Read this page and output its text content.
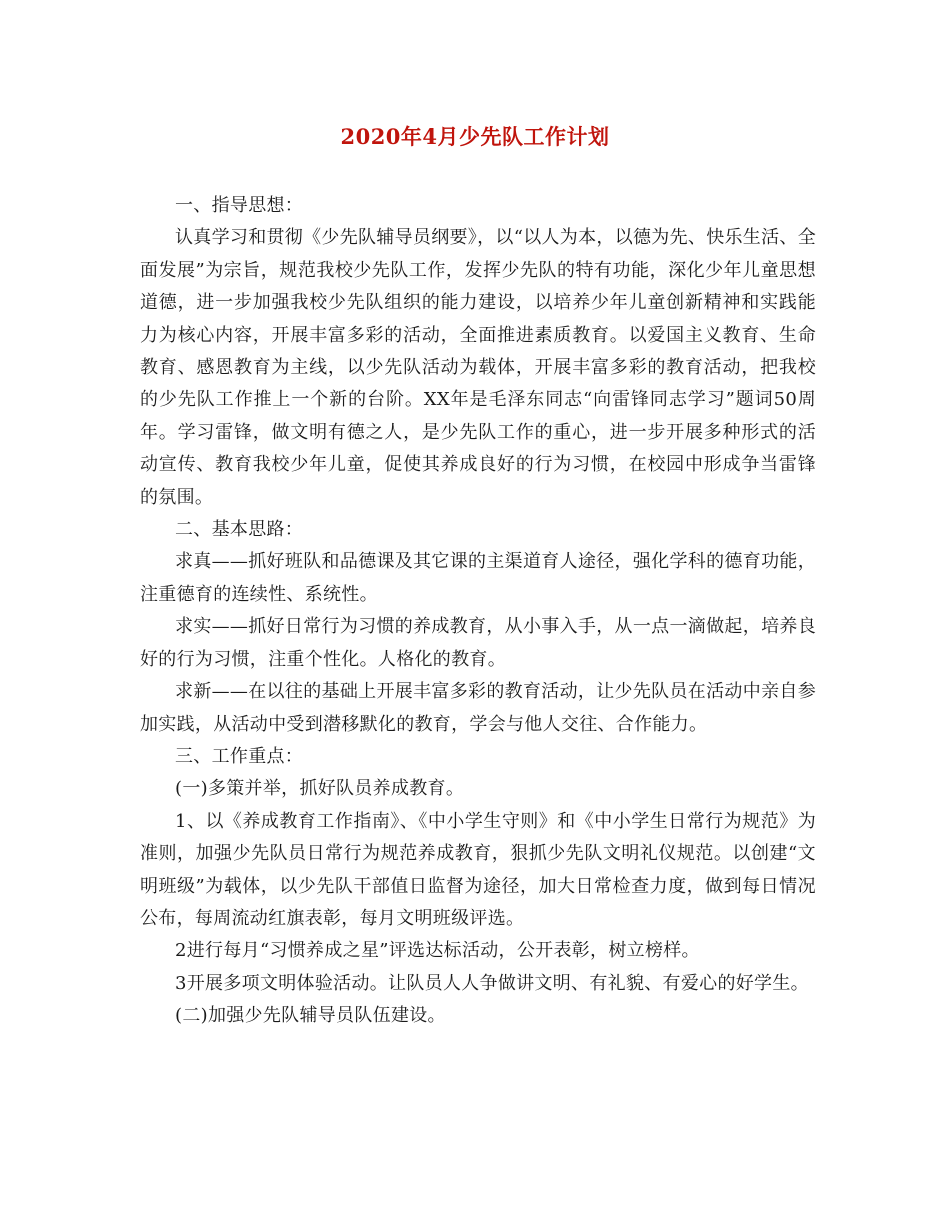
2020年4月少先队工作计划

一、指导思想：

认真学习和贯彻《少先队辅导员纲要》，以“以人为本，以德为先、快乐生活、全面发展”为宗旨，规范我校少先队工作，发挥少先队的特有功能，深化少年儿童思想道德，进一步加强我校少先队组织的能力建设，以培养少年儿童创新精神和实践能力为核心内容，开展丰富多彩的活动，全面推进素质教育。以爱国主义教育、生命教育、感恩教育为主线，以少先队活动为载体，开展丰富多彩的教育活动，把我校的少先队工作推上一个新的台阶。XX年是毛泽东同志“向雷锋同志学习”题词50周年。学习雷锋，做文明有德之人，是少先队工作的重心，进一步开展多种形式的活动宣传、教育我校少年儿童，促使其养成良好的行为习惯，在校园中形成争当雷锋的氛围。

二、基本思路：

求真——抓好班队和品德课及其它课的主渠道育人途径，强化学科的德育功能，注重德育的连续性、系统性。

求实——抓好日常行为习惯的养成教育，从小事入手，从一点一滴做起，培养良好的行为习惯，注重个性化。人格化的教育。

求新——在以往的基础上开展丰富多彩的教育活动，让少先队员在活动中亲自参加实践，从活动中受到潜移默化的教育，学会与他人交往、合作能力。

三、工作重点：

(一)多策并举，抓好队员养成教育。

1、以《养成教育工作指南》、《中小学生守则》和《中小学生日常行为规范》为准则，加强少先队员日常行为规范养成教育，狠抓少先队文明礼仪规范。以创建“文明班级”为载体，以少先队干部值日监督为途径，加大日常检查力度，做到每日情况公布，每周流动红旗表彰，每月文明班级评选。

2进行每月“习惯养成之星”评选达标活动，公开表彰，树立榜样。

3开展多项文明体验活动。让队员人人争做讲文明、有礼貌、有爱心的好学生。

(二)加强少先队辅导员队伍建设。
